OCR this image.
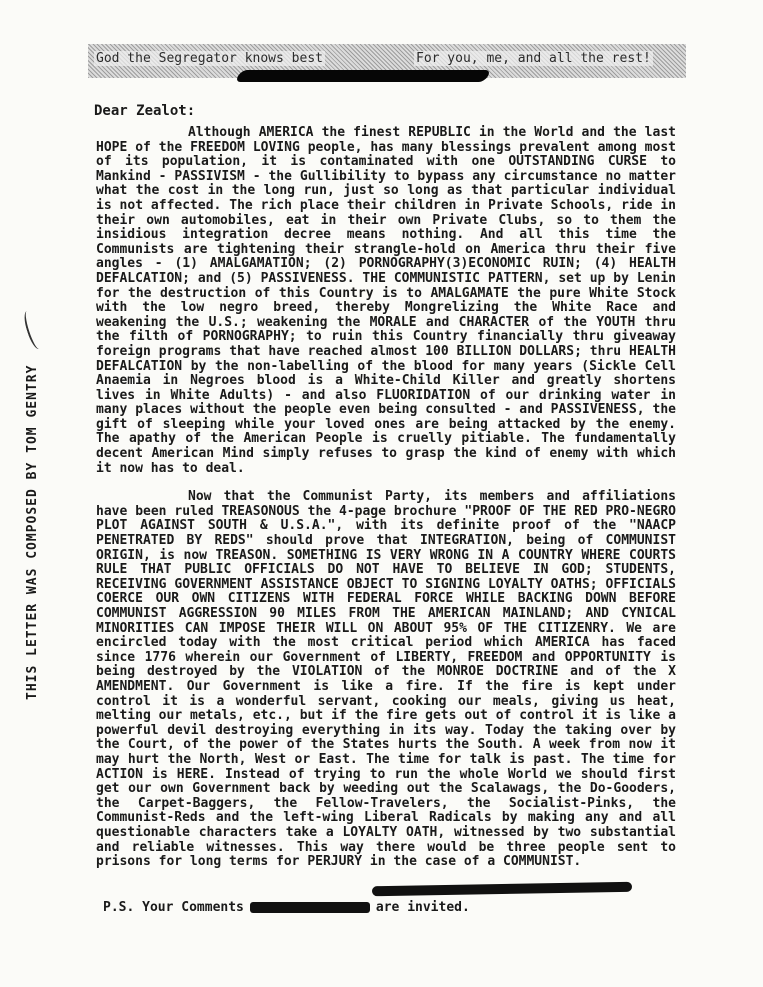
God the Segregator knows best	For you, me, and all the rest!
THIS LETTER WAS COMPOSED BY TOM GENTRY
Dear Zealot:

Although AMERICA the finest REPUBLIC in the World and the last HOPE of the FREEDOM LOVING people, has many blessings prevalent among most of its population, it is contaminated with one OUTSTANDING CURSE to Mankind - PASSIVISM - the Gullibility to bypass any circumstance no matter what the cost in the long run, just so long as that particular individual is not affected. The rich place their children in Private Schools, ride in their own automobiles, eat in their own Private Clubs, so to them the insidious integration decree means nothing. And all this time the Communists are tightening their strangle-hold on America thru their five angles - (1) AMALGAMATION; (2) PORNOGRAPHY(3)ECONOMIC RUIN; (4) HEALTH DEFALCATION; and (5) PASSIVENESS. THE COMMUNISTIC PATTERN, set up by Lenin for the destruction of this Country is to AMALGAMATE the pure White Stock with the low negro breed, thereby Mongrelizing the White Race and weakening the U.S.; weakening the MORALE and CHARACTER of the YOUTH thru the filth of PORNOGRAPHY; to ruin this Country financially thru giveaway foreign programs that have reached almost 100 BILLION DOLLARS; thru HEALTH DEFALCATION by the non-labelling of the blood for many years (Sickle Cell Anaemia in Negroes blood is a White-Child Killer and greatly shortens lives in White Adults) - and also FLUORIDATION of our drinking water in many places without the people even being consulted - and PASSIVENESS, the gift of sleeping while your loved ones are being attacked by the enemy. The apathy of the American People is cruelly pitiable. The fundamentally decent American Mind simply refuses to grasp the kind of enemy with which it now has to deal.

Now that the Communist Party, its members and affiliations have been ruled TREASONOUS the 4-page brochure "PROOF OF THE RED PRO-NEGRO PLOT AGAINST SOUTH & U.S.A.", with its definite proof of the "NAACP PENETRATED BY REDS" should prove that INTEGRATION, being of COMMUNIST ORIGIN, is now TREASON. SOMETHING IS VERY WRONG IN A COUNTRY WHERE COURTS RULE THAT PUBLIC OFFICIALS DO NOT HAVE TO BELIEVE IN GOD; STUDENTS, RECEIVING GOVERNMENT ASSISTANCE OBJECT TO SIGNING LOYALTY OATHS; OFFICIALS COERCE OUR OWN CITIZENS WITH FEDERAL FORCE WHILE BACKING DOWN BEFORE COMMUNIST AGGRESSION 90 MILES FROM THE AMERICAN MAINLAND; AND CYNICAL MINORITIES CAN IMPOSE THEIR WILL ON ABOUT 95% OF THE CITIZENRY. We are encircled today with the most critical period which AMERICA has faced since 1776 wherein our Government of LIBERTY, FREEDOM and OPPORTUNITY is being destroyed by the VIOLATION of the MONROE DOCTRINE and of the X AMENDMENT. Our Government is like a fire. If the fire is kept under control it is a wonderful servant, cooking our meals, giving us heat, melting our metals, etc., but if the fire gets out of control it is like a powerful devil destroying everything in its way. Today the taking over by the Court, of the power of the States hurts the South. A week from now it may hurt the North, West or East. The time for talk is past. The time for ACTION is HERE. Instead of trying to run the whole World we should first get our own Government back by weeding out the Scalawags, the Do-Gooders, the Carpet-Baggers, the Fellow-Travelers, the Socialist-Pinks, the Communist-Reds and the left-wing Liberal Radicals by making any and all questionable characters take a LOYALTY OATH, witnessed by two substantial and reliable witnesses. This way there would be three people sent to prisons for long terms for PERJURY in the case of a COMMUNIST.

P.S. Your Comments	are invited.
